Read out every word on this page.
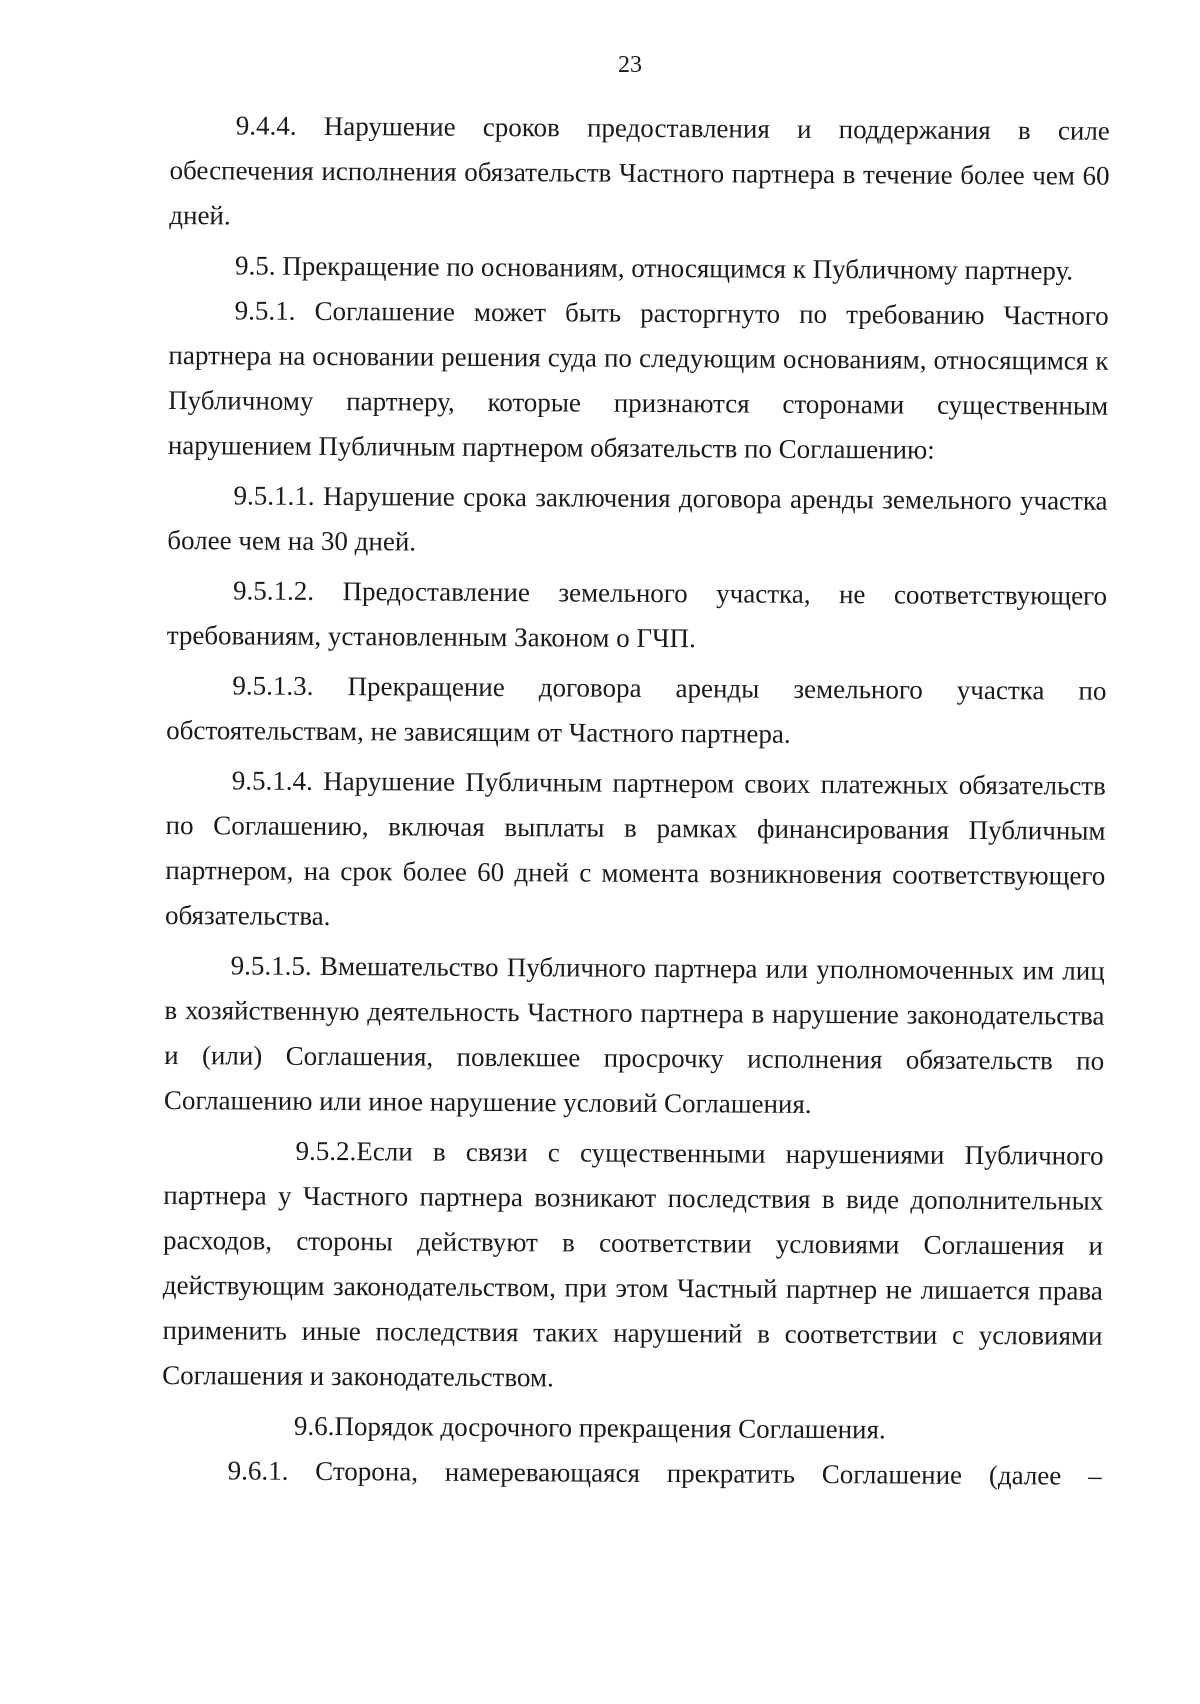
23

9.4.4. Нарушение сроков предоставления и поддержания в силе обеспечения исполнения обязательств Частного партнера в течение более чем 60 дней.

9.5. Прекращение по основаниям, относящимся к Публичному партнеру.

9.5.1. Соглашение может быть расторгнуто по требованию Частного партнера на основании решения суда по следующим основаниям, относящимся к Публичному партнеру, которые признаются сторонами существенным нарушением Публичным партнером обязательств по Соглашению:

9.5.1.1. Нарушение срока заключения договора аренды земельного участка более чем на 30 дней.

9.5.1.2. Предоставление земельного участка, не соответствующего требованиям, установленным Законом о ГЧП.

9.5.1.3. Прекращение договора аренды земельного участка по обстоятельствам, не зависящим от Частного партнера.

9.5.1.4. Нарушение Публичным партнером своих платежных обязательств по Соглашению, включая выплаты в рамках финансирования Публичным партнером, на срок более 60 дней с момента возникновения соответствующего обязательства.

9.5.1.5. Вмешательство Публичного партнера или уполномоченных им лиц в хозяйственную деятельность Частного партнера в нарушение законодательства и (или) Соглашения, повлекшее просрочку исполнения обязательств по Соглашению или иное нарушение условий Соглашения.

9.5.2.Если в связи с существенными нарушениями Публичного партнера у Частного партнера возникают последствия в виде дополнительных расходов, стороны действуют в соответствии условиями Соглашения и действующим законодательством, при этом Частный партнер не лишается права применить иные последствия таких нарушений в соответствии с условиями Соглашения и законодательством.

9.6.Порядок досрочного прекращения Соглашения.

9.6.1. Сторона, намеревающаяся прекратить Соглашение (далее –
